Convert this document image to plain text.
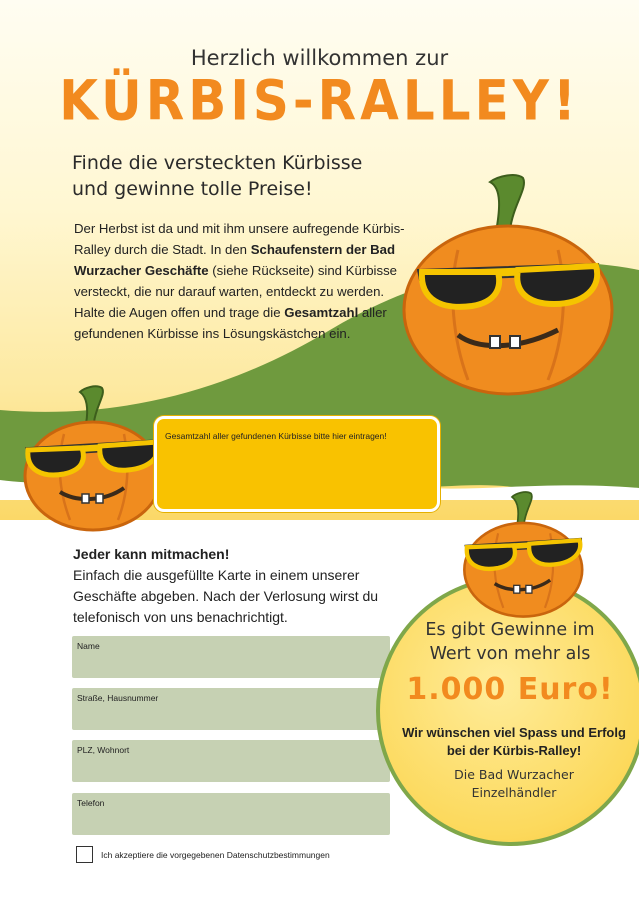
Herzlich willkommen zur
KÜRBIS-RALLEY!
Finde die versteckten Kürbisse
und gewinne tolle Preise!

Der Herbst ist da und mit ihm unsere aufregende Kürbis-Ralley durch die Stadt. In den Schaufenstern der Bad Wurzacher Geschäfte (siehe Rückseite) sind Kürbisse versteckt, die nur darauf warten, entdeckt zu werden. Halte die Augen offen und trage die Gesamtzahl aller gefundenen Kürbisse ins Lösungskästchen ein.

Gesamtzahl aller gefundenen Kürbisse bitte hier eintragen!
Jeder kann mitmachen!
Einfach die ausgefüllte Karte in einem unserer Geschäfte abgeben. Nach der Verlosung wirst du telefonisch von uns benachrichtigt.
Name
Straße, Hausnummer
PLZ, Wohnort
Telefon
Ich akzeptiere die vorgegebenen Datenschutzbestimmungen
Es gibt Gewinne im
Wert von mehr als
1.000 Euro!
Wir wünschen viel Spass und Erfolg bei der Kürbis-Ralley!
Die Bad Wurzacher
Einzelhändler
